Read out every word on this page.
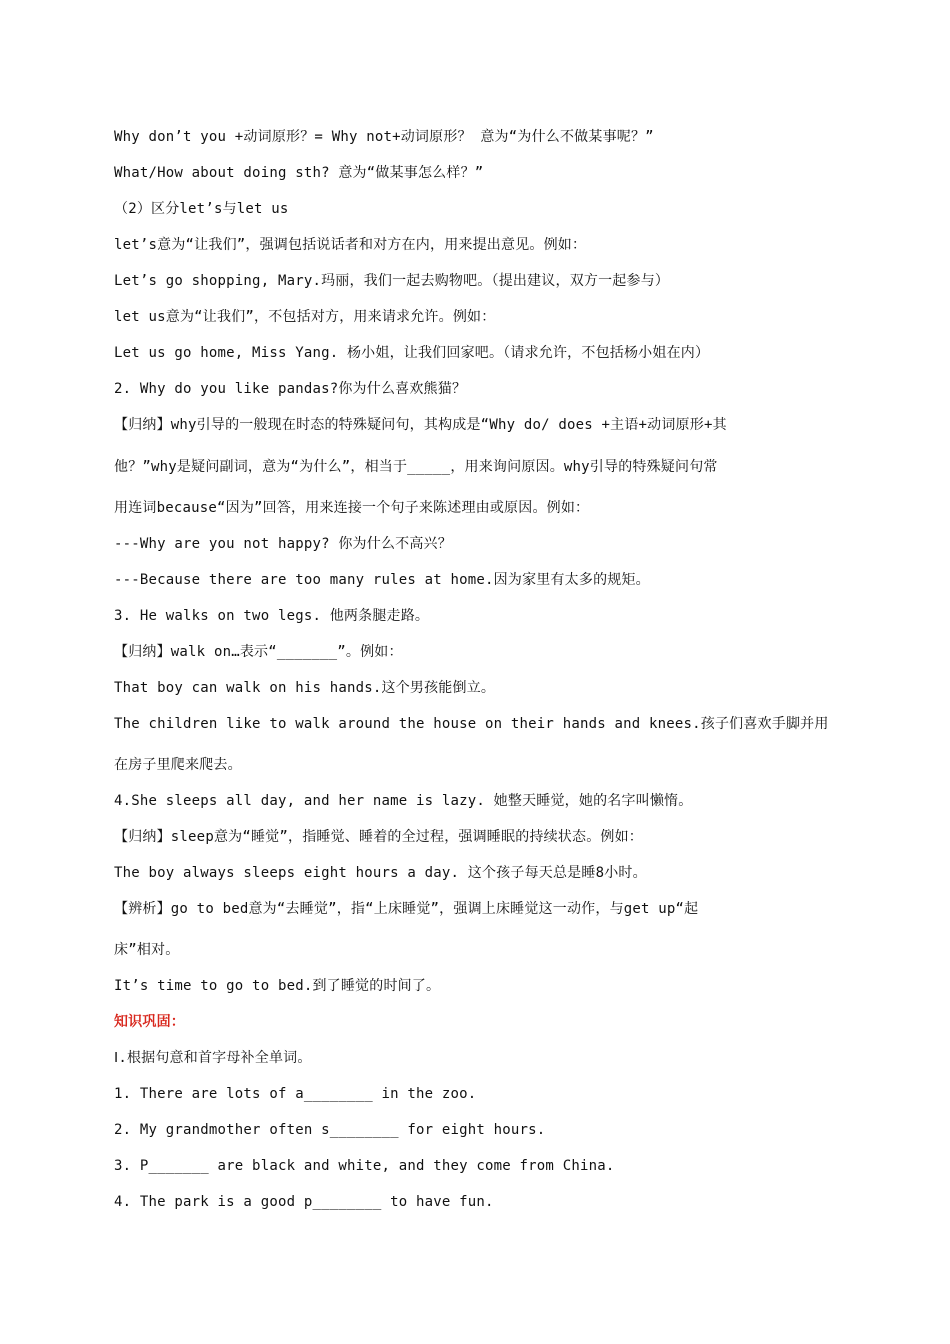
Why don’t you +动词原形？= Why not+动词原形？ 意为“为什么不做某事呢？”
What/How about doing sth? 意为“做某事怎么样？”
（2）区分let’s与let us
let’s意为“让我们”，强调包括说话者和对方在内，用来提出意见。例如：
Let’s go shopping, Mary.玛丽，我们一起去购物吧。（提出建议，双方一起参与）
let us意为“让我们”，不包括对方，用来请求允许。例如：
Let us go home, Miss Yang. 杨小姐，让我们回家吧。（请求允许，不包括杨小姐在内）
2. Why do you like pandas?你为什么喜欢熊猫？
【归纳】why引导的一般现在时态的特殊疑问句，其构成是“Why do/ does +主语+动词原形+其
他？”why是疑问副词，意为“为什么”，相当于_____，用来询问原因。why引导的特殊疑问句常
用连词because“因为”回答，用来连接一个句子来陈述理由或原因。例如：
---Why are you not happy? 你为什么不高兴？
---Because there are too many rules at home.因为家里有太多的规矩。
3. He walks on two legs. 他两条腿走路。
【归纳】walk on…表示“_______”。例如：
That boy can walk on his hands.这个男孩能倒立。
The children like to walk around the house on their hands and knees.孩子们喜欢手脚并用
在房子里爬来爬去。
4.She sleeps all day, and her name is lazy. 她整天睡觉，她的名字叫懒惰。
【归纳】sleep意为“睡觉”，指睡觉、睡着的全过程，强调睡眠的持续状态。例如：
The boy always sleeps eight hours a day. 这个孩子每天总是睡8小时。
【辨析】go to bed意为“去睡觉”，指“上床睡觉”，强调上床睡觉这一动作，与get up“起
床”相对。
It’s time to go to bed.到了睡觉的时间了。
知识巩固：
Ⅰ.根据句意和首字母补全单词。
1. There are lots of a________ in the zoo.
2. My grandmother often s________ for eight hours.
3. P_______ are black and white, and they come from China.
4. The park is a good p________ to have fun.
